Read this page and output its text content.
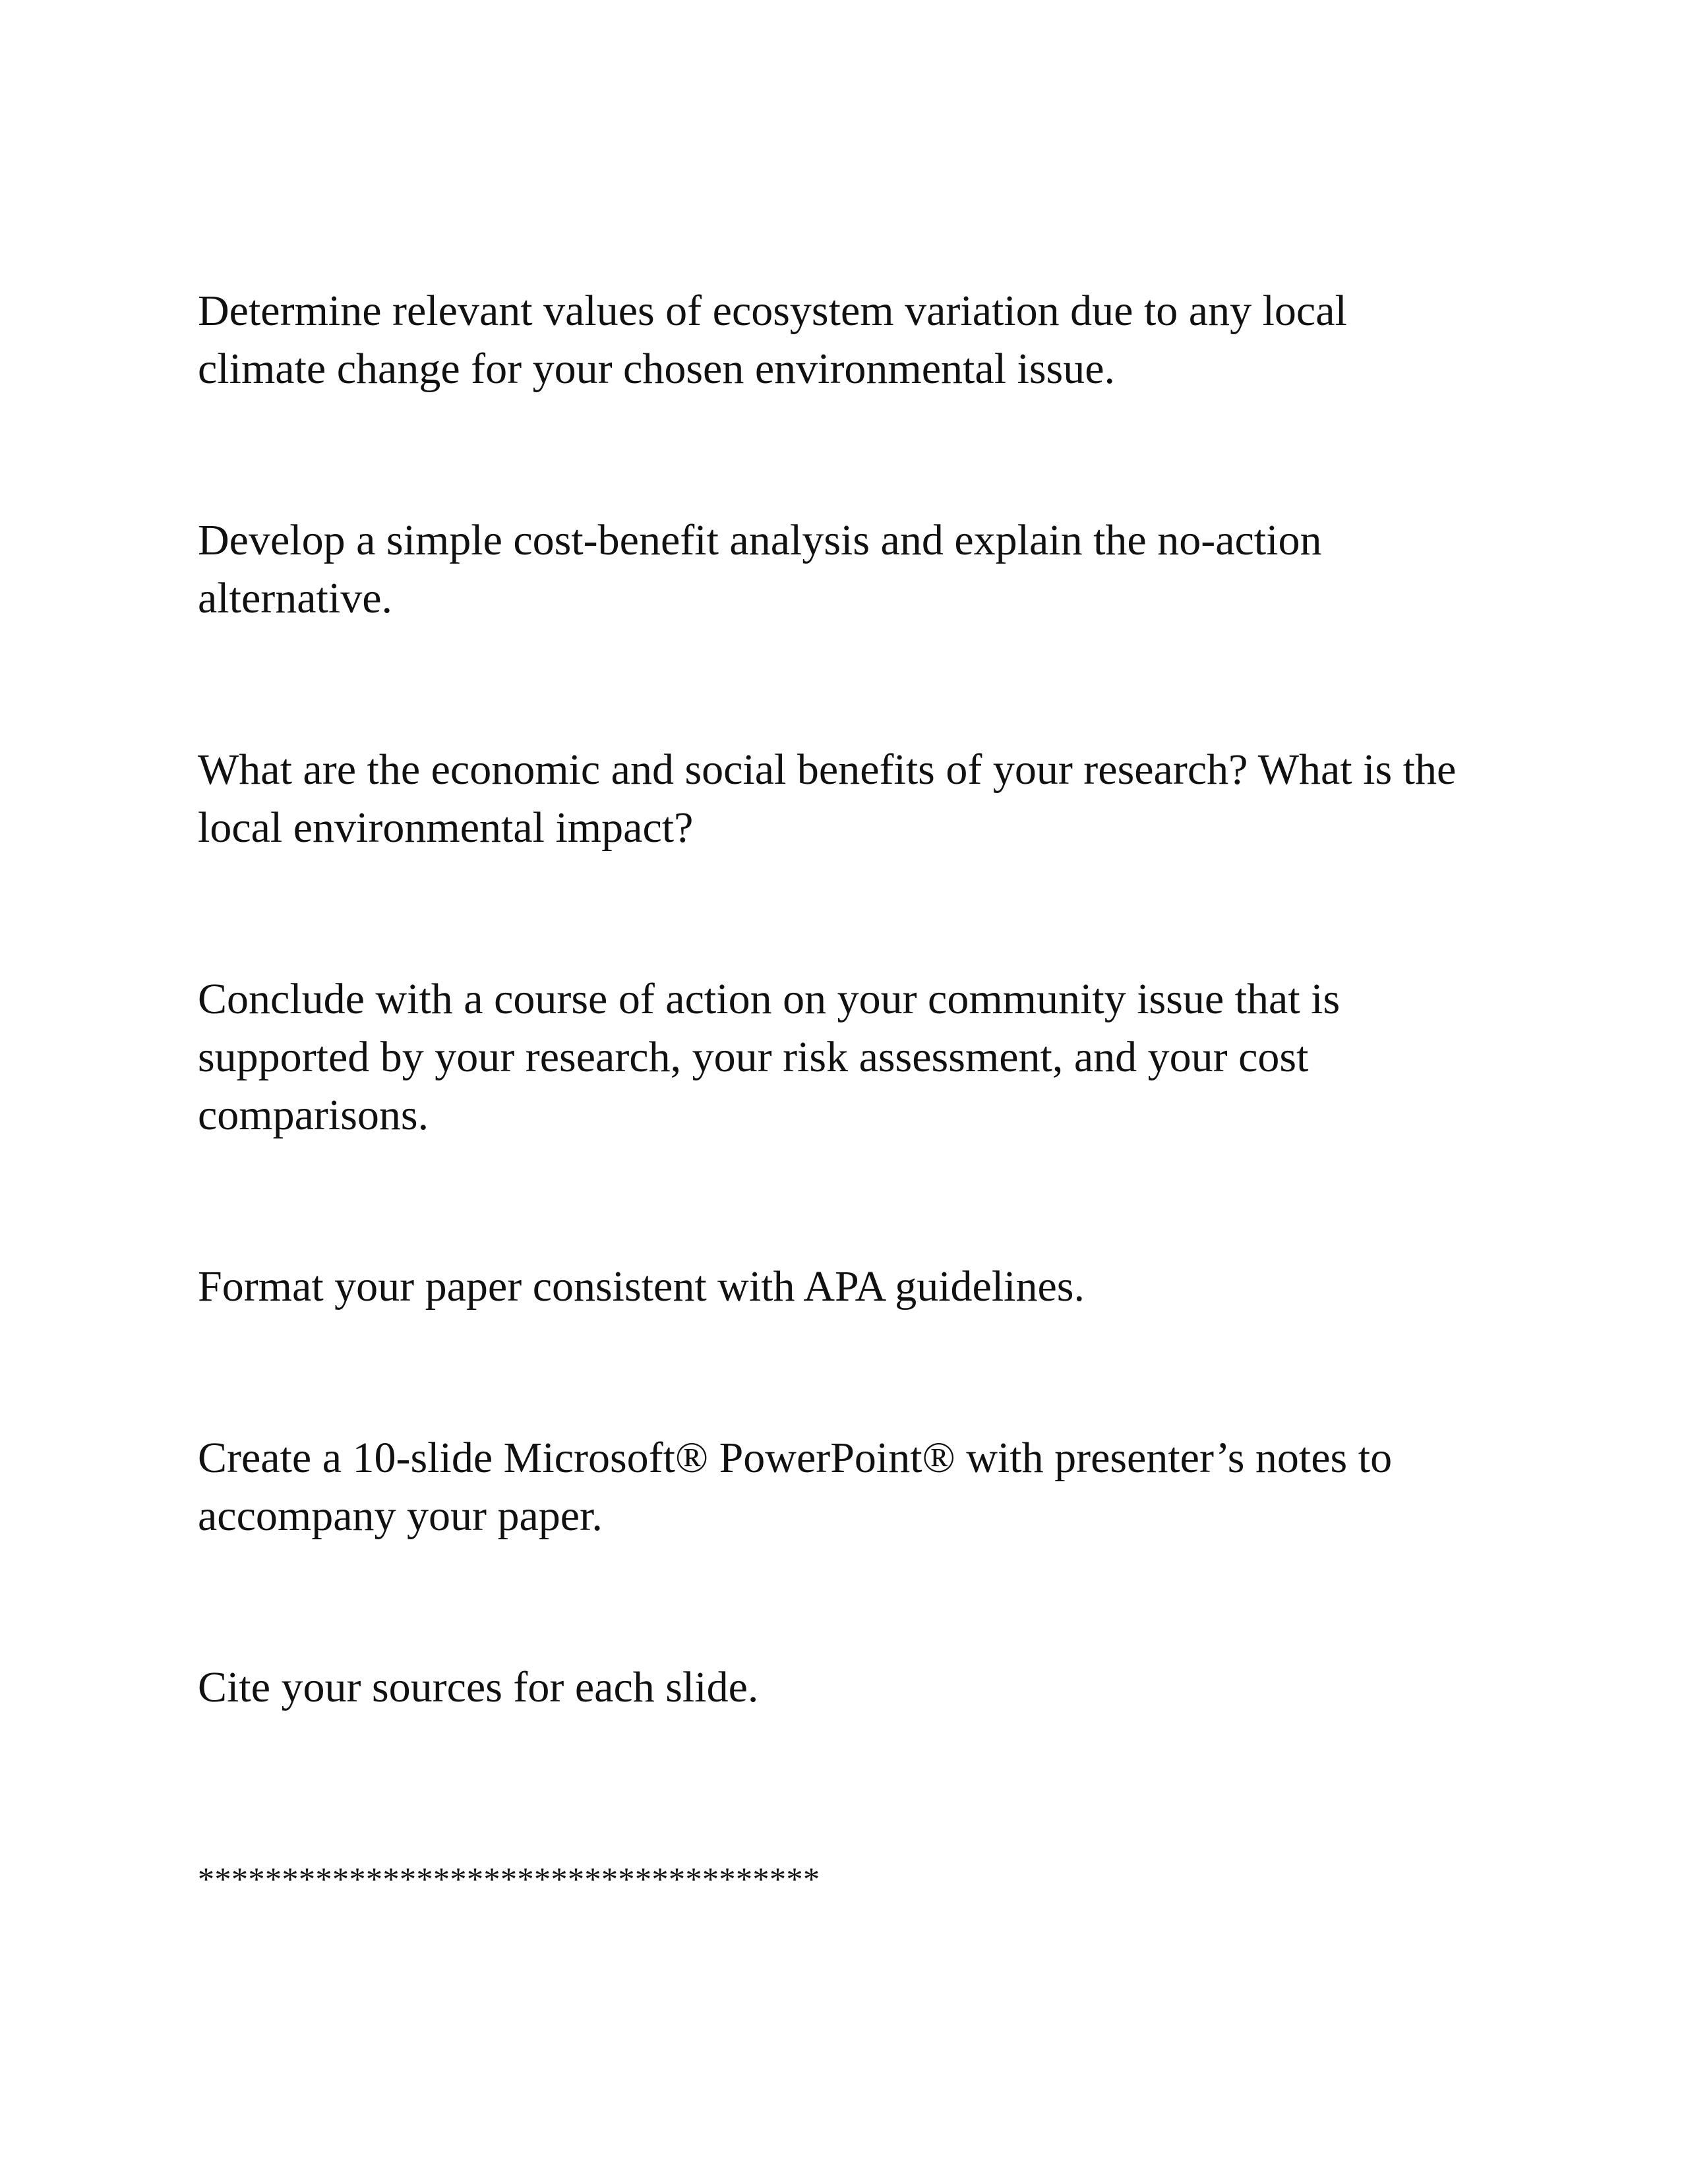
Determine relevant values of ecosystem variation due to any local
climate change for your chosen environmental issue.

Develop a simple cost-benefit analysis and explain the no-action
alternative.

What are the economic and social benefits of your research? What is the
local environmental impact?

Conclude with a course of action on your community issue that is
supported by your research, your risk assessment, and your cost
comparisons.

Format your paper consistent with APA guidelines.

Create a 10-slide Microsoft® PowerPoint® with presenter’s notes to
accompany your paper.

Cite your sources for each slide.

*************************************
